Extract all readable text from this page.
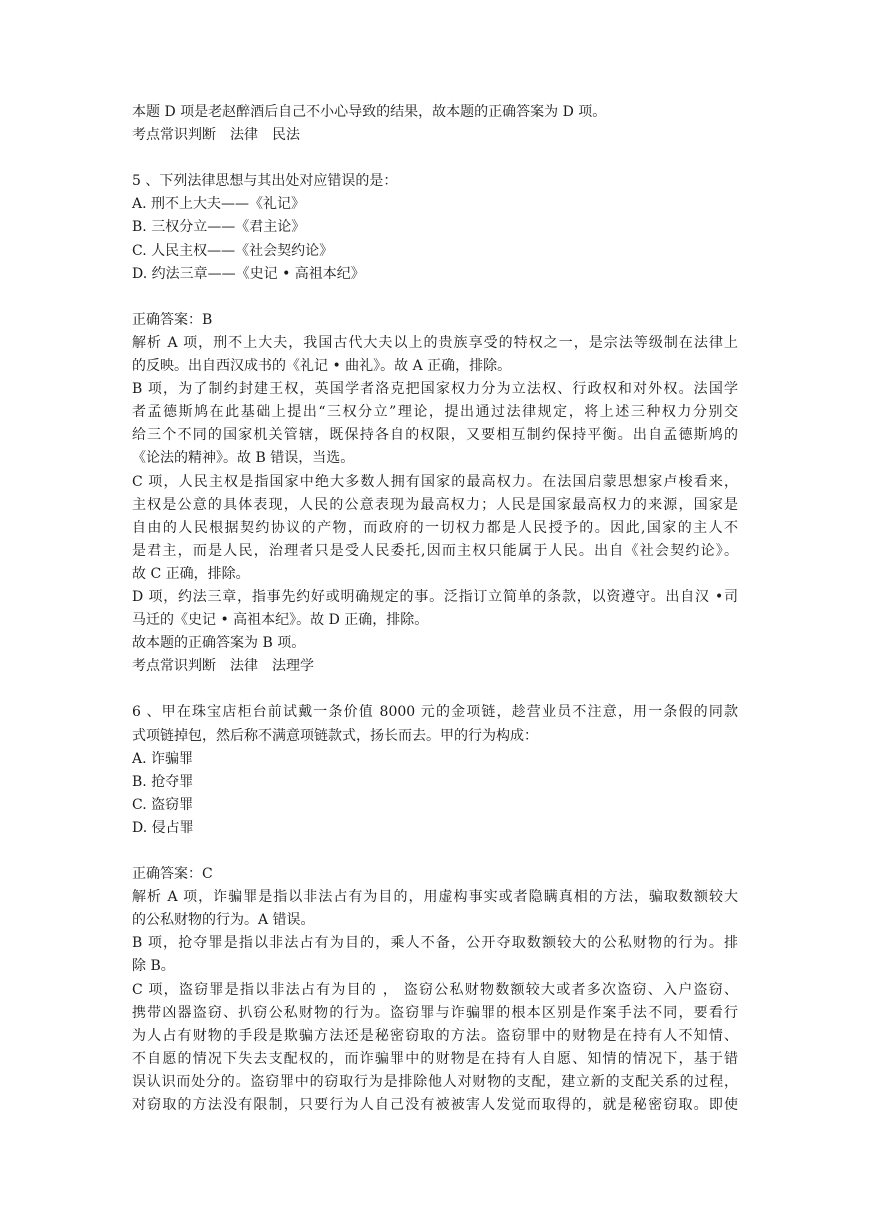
本题 D 项是老赵醉酒后自己不小心导致的结果，故本题的正确答案为 D 项。
考点常识判断　法律　民法
5 、下列法律思想与其出处对应错误的是：
A. 刑不上大夫——《礼记》
B. 三权分立——《君主论》
C. 人民主权——《社会契约论》
D. 约法三章——《史记 • 高祖本纪》
正确答案：B
解析 A 项，刑不上大夫，我国古代大夫以上的贵族享受的特权之一，是宗法等级制在法律上
的反映。出自西汉成书的《礼记 • 曲礼》。故 A 正确，排除。
B 项，为了制约封建王权，英国学者洛克把国家权力分为立法权、行政权和对外权。法国学
者孟德斯鸠在此基础上提出“三权分立”理论，提出通过法律规定，将上述三种权力分别交
给三个不同的国家机关管辖，既保持各自的权限，又要相互制约保持平衡。出自孟德斯鸠的
《论法的精神》。故 B 错误，当选。
C 项，人民主权是指国家中绝大多数人拥有国家的最高权力。在法国启蒙思想家卢梭看来，
主权是公意的具体表现，人民的公意表现为最高权力；人民是国家最高权力的来源，国家是
自由的人民根据契约协议的产物，而政府的一切权力都是人民授予的。因此,国家的主人不
是君主，而是人民，治理者只是受人民委托,因而主权只能属于人民。出自《社会契约论》。
故 C 正确，排除。
D 项，约法三章，指事先约好或明确规定的事。泛指订立简单的条款，以资遵守。出自汉 •司
马迁的《史记 • 高祖本纪》。故 D 正确，排除。
故本题的正确答案为 B 项。
考点常识判断　法律　法理学
6 、甲在珠宝店柜台前试戴一条价值 8000 元的金项链，趁营业员不注意，用一条假的同款
式项链掉包，然后称不满意项链款式，扬长而去。甲的行为构成：
A. 诈骗罪
B. 抢夺罪
C. 盗窃罪
D. 侵占罪
正确答案：C
解析 A 项，诈骗罪是指以非法占有为目的，用虚构事实或者隐瞒真相的方法，骗取数额较大
的公私财物的行为。A 错误。
B 项，抢夺罪是指以非法占有为目的，乘人不备，公开夺取数额较大的公私财物的行为。排
除 B。
C 项，盗窃罪是指以非法占有为目的 ， 盗窃公私财物数额较大或者多次盗窃、入户盗窃、
携带凶器盗窃、扒窃公私财物的行为。盗窃罪与诈骗罪的根本区别是作案手法不同，要看行
为人占有财物的手段是欺骗方法还是秘密窃取的方法。盗窃罪中的财物是在持有人不知情、
不自愿的情况下失去支配权的，而诈骗罪中的财物是在持有人自愿、知情的情况下，基于错
误认识而处分的。盗窃罪中的窃取行为是排除他人对财物的支配，建立新的支配关系的过程，
对窃取的方法没有限制，只要行为人自己没有被被害人发觉而取得的，就是秘密窃取。即使
